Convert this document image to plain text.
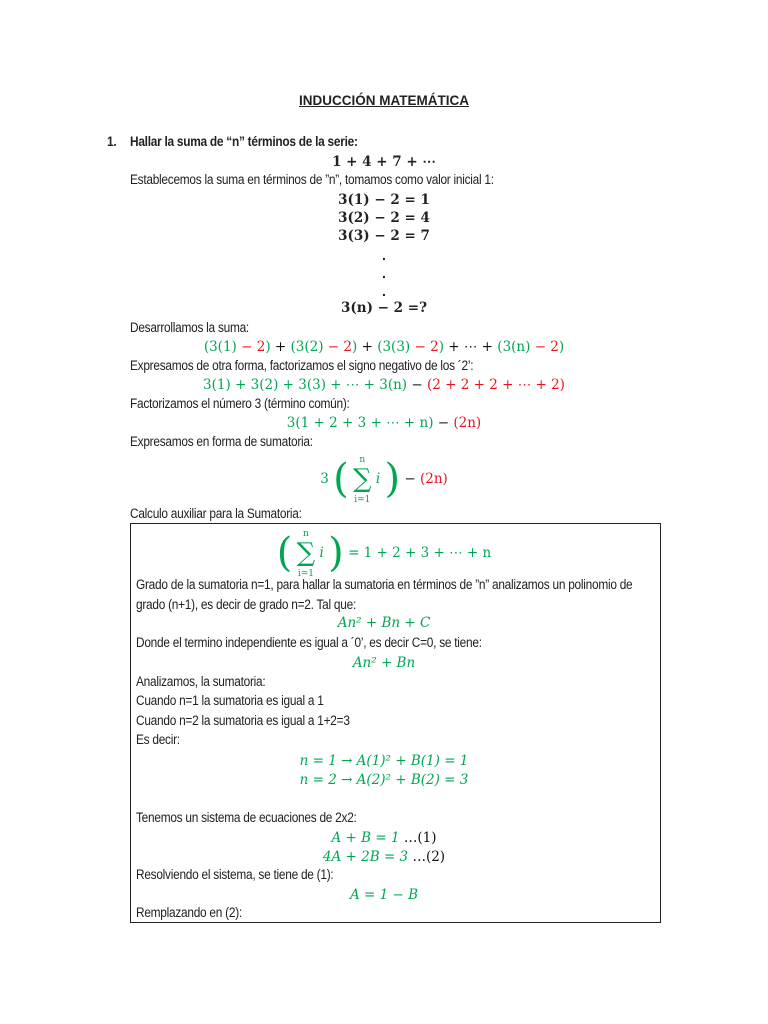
INDUCCIÓN MATEMÁTICA
1. Hallar la suma de “n” términos de la serie:
1 + 4 + 7 + ⋯
Establecemos la suma en términos de ”n”, tomamos como valor inicial 1:
3(1) − 2 = 1
3(2) − 2 = 4
3(3) − 2 = 7
.
.
.
3(n) − 2 =?
Desarrollamos la suma:
(3(1) − 2) + (3(2) − 2) + (3(3) − 2) + ⋯ + (3(n) − 2)
Expresamos de otra forma, factorizamos el signo negativo de los ´2’:
3(1) + 3(2) + 3(3) + ⋯ + 3(n) − (2 + 2 + 2 + ⋯ + 2)
Factorizamos el número 3 (término común):
3(1 + 2 + 3 + ⋯ + n) − (2n)
Expresamos en forma de sumatoria:
3 ( n
∑
i=1 i ) − (2n)
Calculo auxiliar para la Sumatoria:
( n
∑
i=1 i ) = 1 + 2 + 3 + ⋯ + n
Grado de la sumatoria n=1, para hallar la sumatoria en términos de ”n” analizamos un polinomio de
grado (n+1), es decir de grado n=2. Tal que:
An² + Bn + C
Donde el termino independiente es igual a ´0’, es decir C=0, se tiene:
An² + Bn
Analizamos, la sumatoria:
Cuando n=1 la sumatoria es igual a 1
Cuando n=2 la sumatoria es igual a 1+2=3
Es decir:
n = 1 → A(1)² + B(1) = 1
n = 2 → A(2)² + B(2) = 3
Tenemos un sistema de ecuaciones de 2x2:
A + B = 1 …(1)
4A + 2B = 3 …(2)
Resolviendo el sistema, se tiene de (1):
A = 1 − B
Remplazando en (2):
